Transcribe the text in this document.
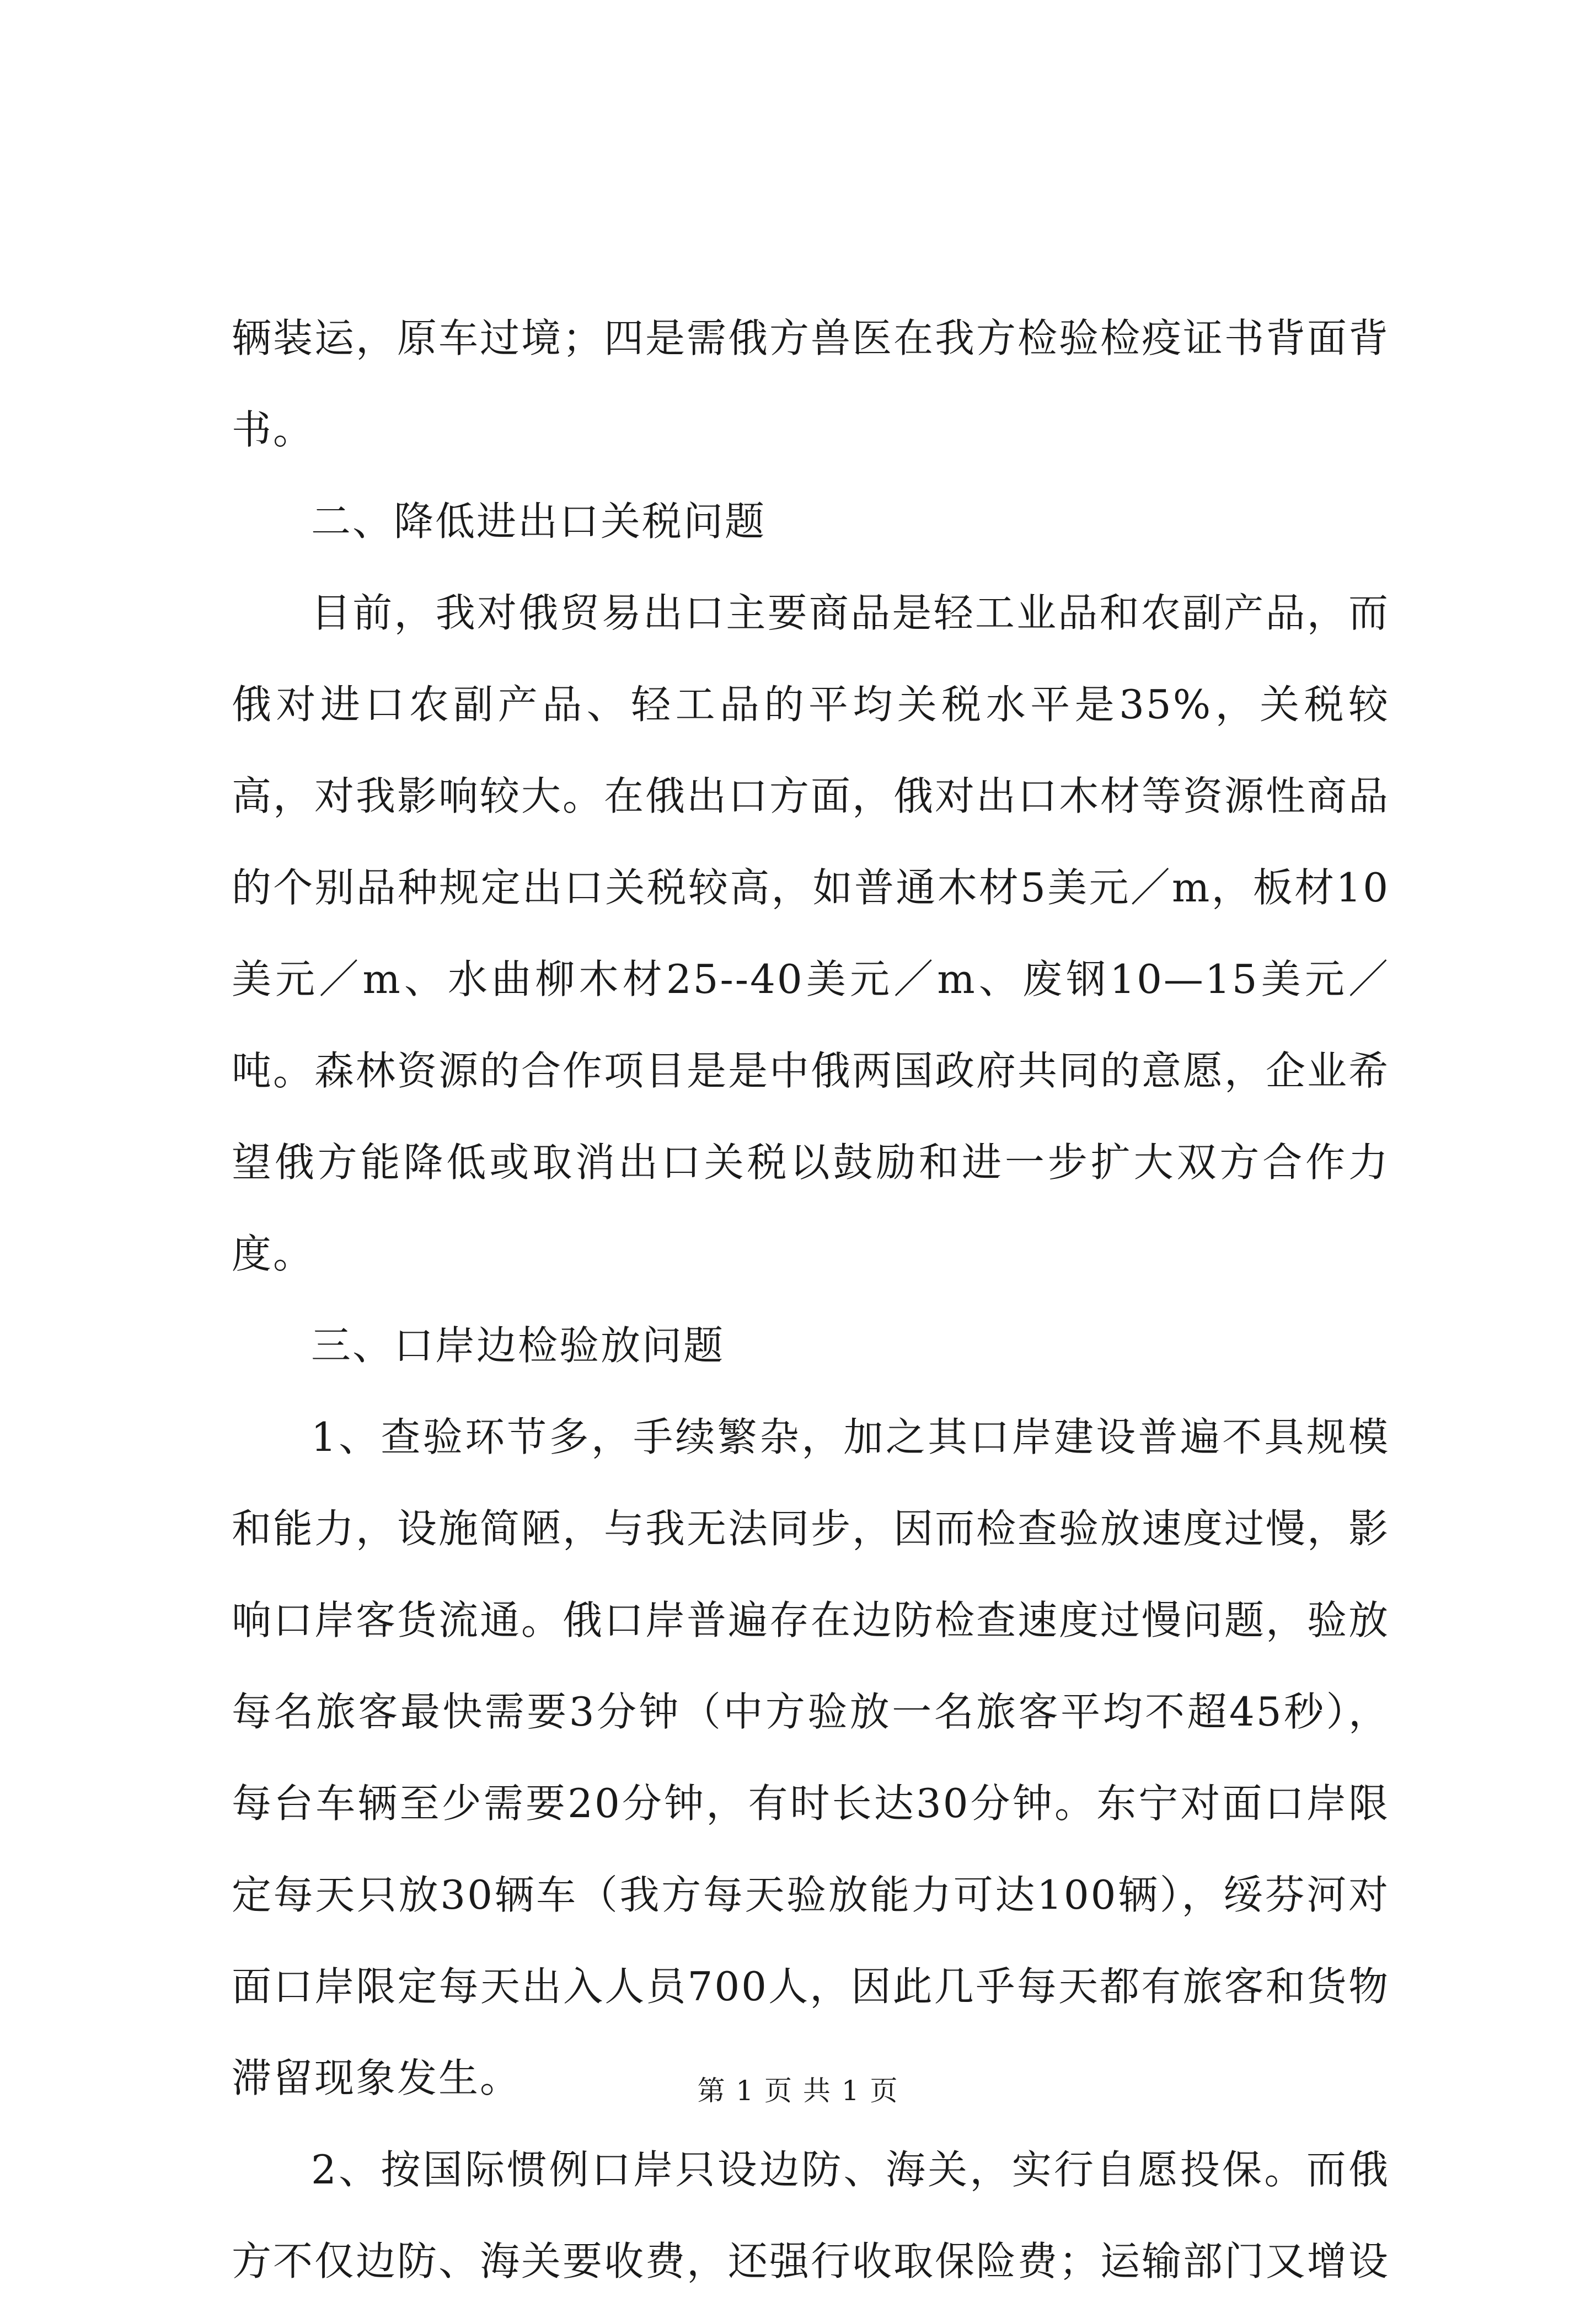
辆装运，原车过境；四是需俄方兽医在我方检验检疫证书背面背书。

二、降低进出口关税问题

目前，我对俄贸易出口主要商品是轻工业品和农副产品，而俄对进口农副产品、轻工品的平均关税水平是35%，关税较高，对我影响较大。在俄出口方面，俄对出口木材等资源性商品的个别品种规定出口关税较高，如普通木材5美元／m，板材10美元／m、水曲柳木材25--40美元／m、废钢10—15美元／吨。森林资源的合作项目是是中俄两国政府共同的意愿，企业希望俄方能降低或取消出口关税以鼓励和进一步扩大双方合作力度。

三、口岸边检验放问题

1、查验环节多，手续繁杂，加之其口岸建设普遍不具规模和能力，设施简陋，与我无法同步，因而检查验放速度过慢，影响口岸客货流通。俄口岸普遍存在边防检查速度过慢问题，验放每名旅客最快需要3分钟（中方验放一名旅客平均不超45秒），每台车辆至少需要20分钟，有时长达30分钟。东宁对面口岸限定每天只放30辆车（我方每天验放能力可达100辆），绥芬河对面口岸限定每天出入人员700人，因此几乎每天都有旅客和货物滞留现象发生。

2、按国际惯例口岸只设边防、海关，实行自愿投保。而俄方不仅边防、海关要收费，还强行收取保险费；运输部门又增设

第 1 页 共 1 页
